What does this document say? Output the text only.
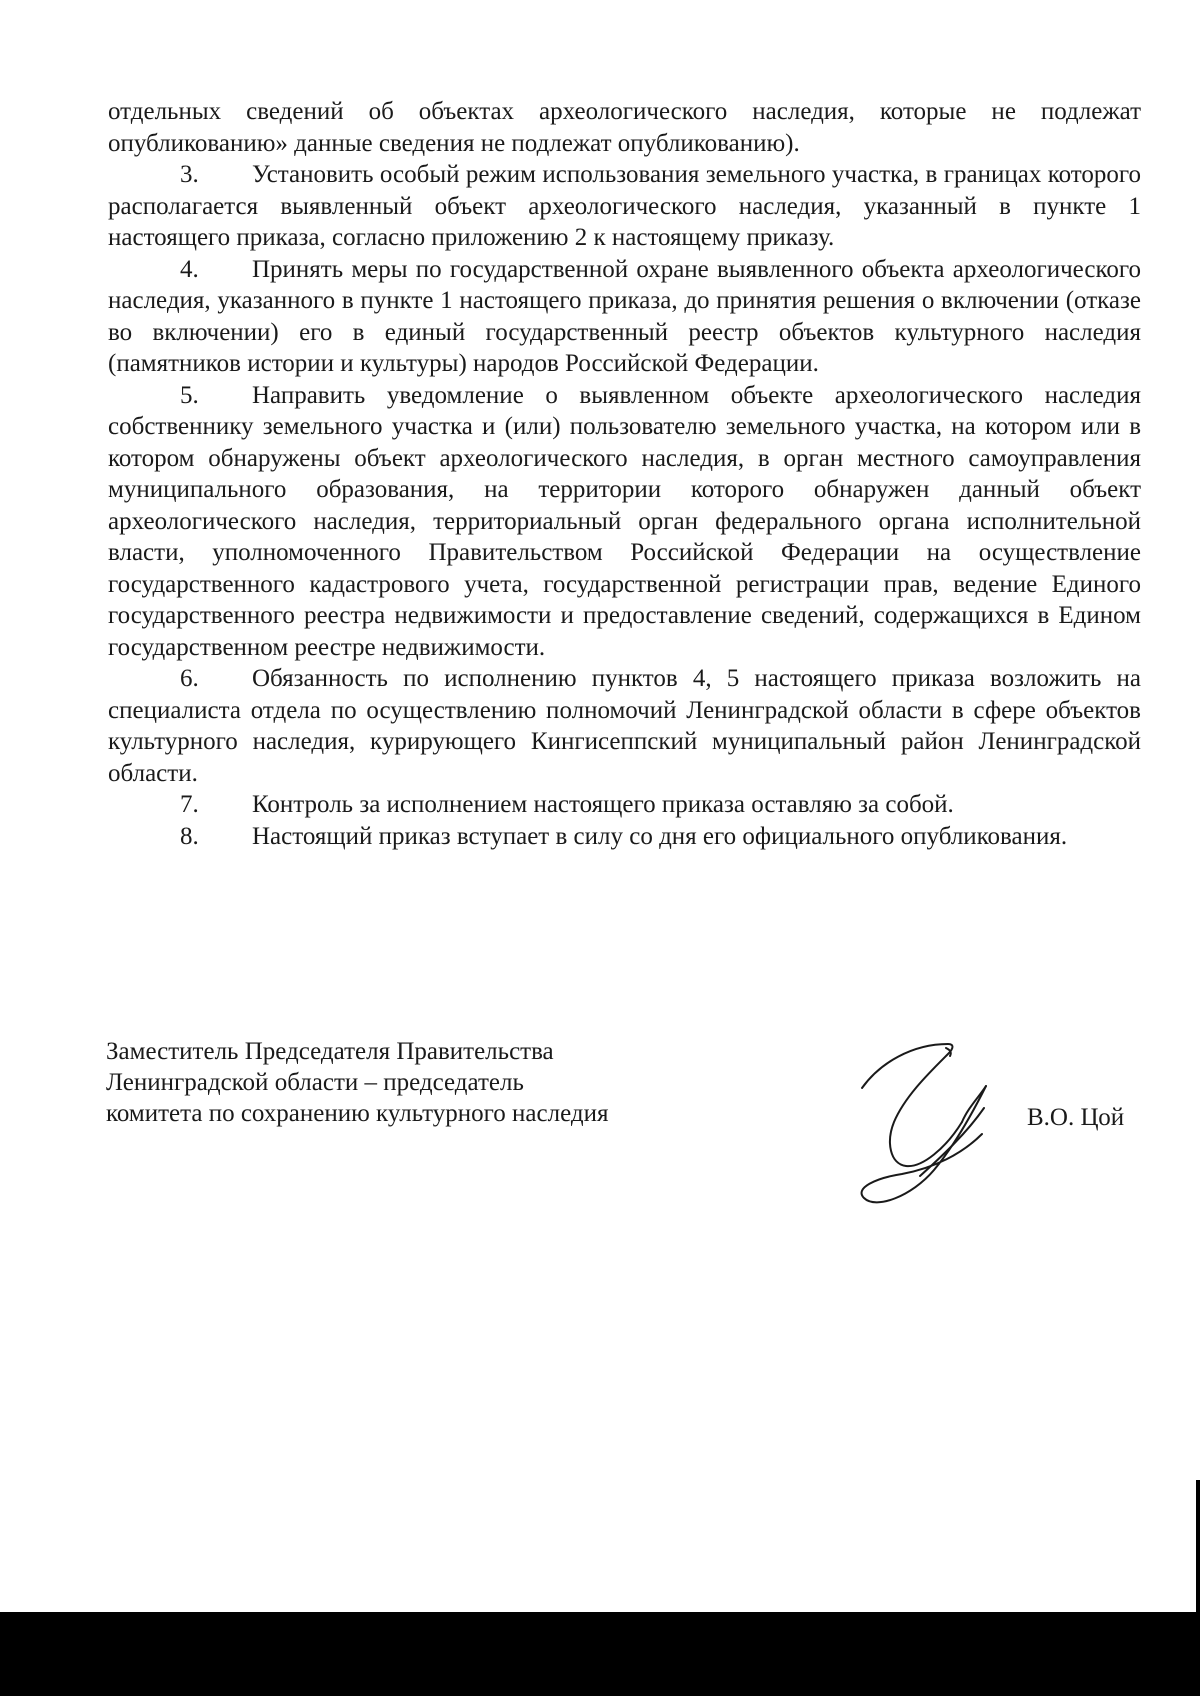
отдельных сведений об объектах археологического наследия, которые не подлежат опубликованию» данные сведения не подлежат опубликованию).

3. Установить особый режим использования земельного участка, в границах которого располагается выявленный объект археологического наследия, указанный в пункте 1 настоящего приказа, согласно приложению 2 к настоящему приказу.

4. Принять меры по государственной охране выявленного объекта археологического наследия, указанного в пункте 1 настоящего приказа, до принятия решения о включении (отказе во включении) его в единый государственный реестр объектов культурного наследия (памятников истории и культуры) народов Российской Федерации.

5. Направить уведомление о выявленном объекте археологического наследия собственнику земельного участка и (или) пользователю земельного участка, на котором или в котором обнаружены объект археологического наследия, в орган местного самоуправления муниципального образования, на территории которого обнаружен данный объект археологического наследия, территориальный орган федерального органа исполнительной власти, уполномоченного Правительством Российской Федерации на осуществление государственного кадастрового учета, государственной регистрации прав, ведение Единого государственного реестра недвижимости и предоставление сведений, содержащихся в Едином государственном реестре недвижимости.

6. Обязанность по исполнению пунктов 4, 5 настоящего приказа возложить на специалиста отдела по осуществлению полномочий Ленинградской области в сфере объектов культурного наследия, курирующего Кингисеппский муниципальный район Ленинградской области.

7. Контроль за исполнением настоящего приказа оставляю за собой.

8. Настоящий приказ вступает в силу со дня его официального опубликования.

Заместитель Председателя Правительства
Ленинградской области – председатель
комитета по сохранению культурного наследия	В.О. Цой
